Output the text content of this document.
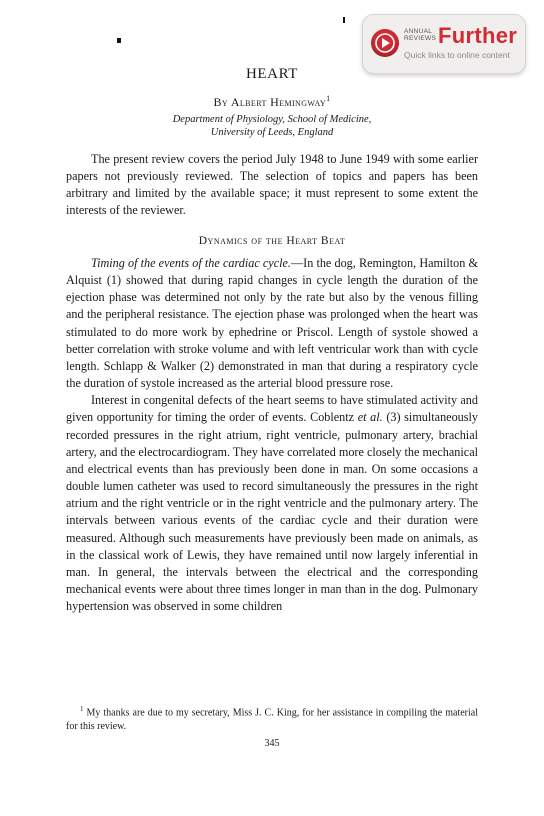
ANNUAL
REVIEWS Further
Quick links to online content
HEART
By Albert Hemingway$^1$
Department of Physiology, School of Medicine,
University of Leeds, England

The present review covers the period July 1948 to June 1949 with some earlier papers not previously reviewed. The selection of topics and papers has been arbitrary and limited by the available space; it must represent to some extent the interests of the reviewer.

Dynamics of the Heart Beat

Timing of the events of the cardiac cycle.—In the dog, Remington, Hamilton & Alquist (1) showed that during rapid changes in cycle length the duration of the ejection phase was determined not only by the rate but also by the venous filling and the peripheral resistance. The ejection phase was prolonged when the heart was stimulated to do more work by ephedrine or Priscol. Length of systole showed a better correlation with stroke volume and with left ventricular work than with cycle length. Schlapp & Walker (2) demonstrated in man that during a respiratory cycle the duration of systole increased as the arterial blood pressure rose.

Interest in congenital defects of the heart seems to have stimulated activity and given opportunity for timing the order of events. Coblentz et al. (3) simultaneously recorded pressures in the right atrium, right ventricle, pulmonary artery, brachial artery, and the electrocardiogram. They have correlated more closely the mechanical and electrical events than has previously been done in man. On some occasions a double lumen catheter was used to record simultaneously the pressures in the right atrium and the right ventricle or in the right ventricle and the pulmonary artery. The intervals between various events of the cardiac cycle and their duration were measured. Although such measurements have previously been made on animals, as in the classical work of Lewis, they have remained until now largely inferential in man. In general, the intervals between the electrical and the corresponding mechanical events were about three times longer in man than in the dog. Pulmonary hypertension was observed in some children

$^1$ My thanks are due to my secretary, Miss J. C. King, for her assistance in compiling the material for this review.

345
